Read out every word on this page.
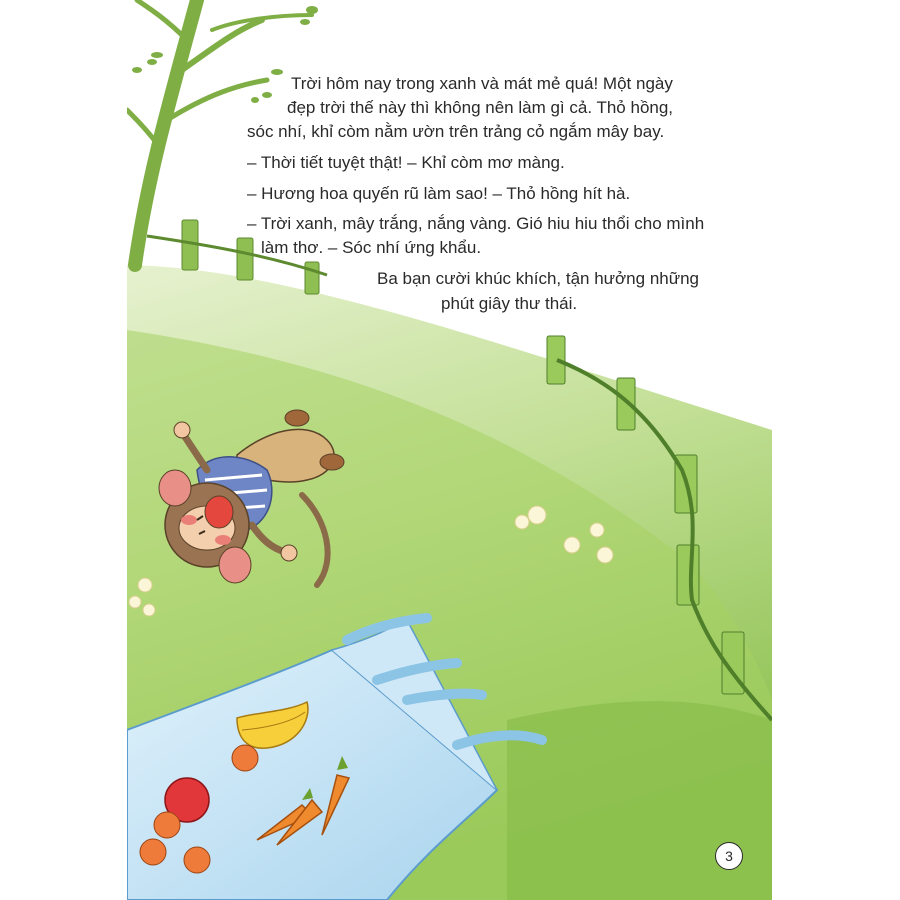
Trời hôm nay trong xanh và mát mẻ quá! Một ngày
đẹp trời thế này thì không nên làm gì cả. Thỏ hồng,
sóc nhí, khỉ còm nằm ườn trên trảng cỏ ngắm mây bay.
– Thời tiết tuyệt thật! – Khỉ còm mơ màng.
– Hương hoa quyến rũ làm sao! – Thỏ hồng hít hà.
– Trời xanh, mây trắng, nắng vàng. Gió hiu hiu thổi cho mình
làm thơ. – Sóc nhí ứng khẩu.
Ba bạn cười khúc khích, tận hưởng những
phút giây thư thái.
3
